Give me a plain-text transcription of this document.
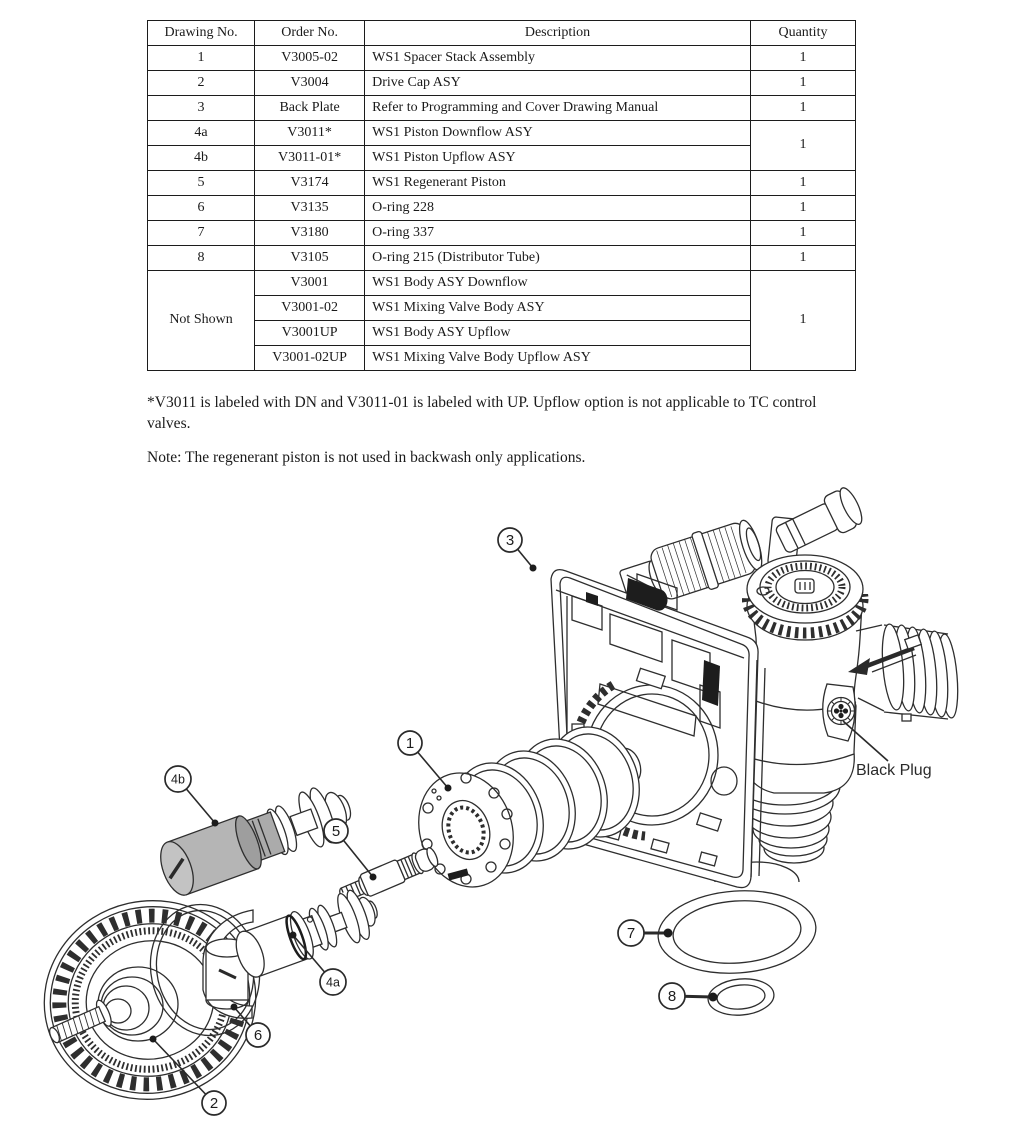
Drawing No.	Order No.	Description	Quantity
1	V3005-02	WS1 Spacer Stack Assembly	1
2	V3004	Drive Cap ASY	1
3	Back Plate	Refer to Programming and Cover Drawing Manual	1
4a	V3011*	WS1 Piston Downflow ASY	1
4b	V3011-01*	WS1 Piston Upflow ASY	
5	V3174	WS1 Regenerant Piston	1
6	V3135	O-ring 228	1
7	V3180	O-ring 337	1
8	V3105	O-ring 215 (Distributor Tube)	1
Not Shown	V3001	WS1 Body ASY Downflow	1
	V3001-02	WS1 Mixing Valve Body ASY	
	V3001UP	WS1 Body ASY Upflow	
	V3001-02UP	WS1 Mixing Valve Body Upflow ASY	

*V3011 is labeled with DN and V3011-01 is labeled with UP. Upflow option is not applicable to TC control valves.

Note: The regenerant piston is not used in backwash only applications.

3
1
4b
5
4a
6
2
7
8
Black Plug
